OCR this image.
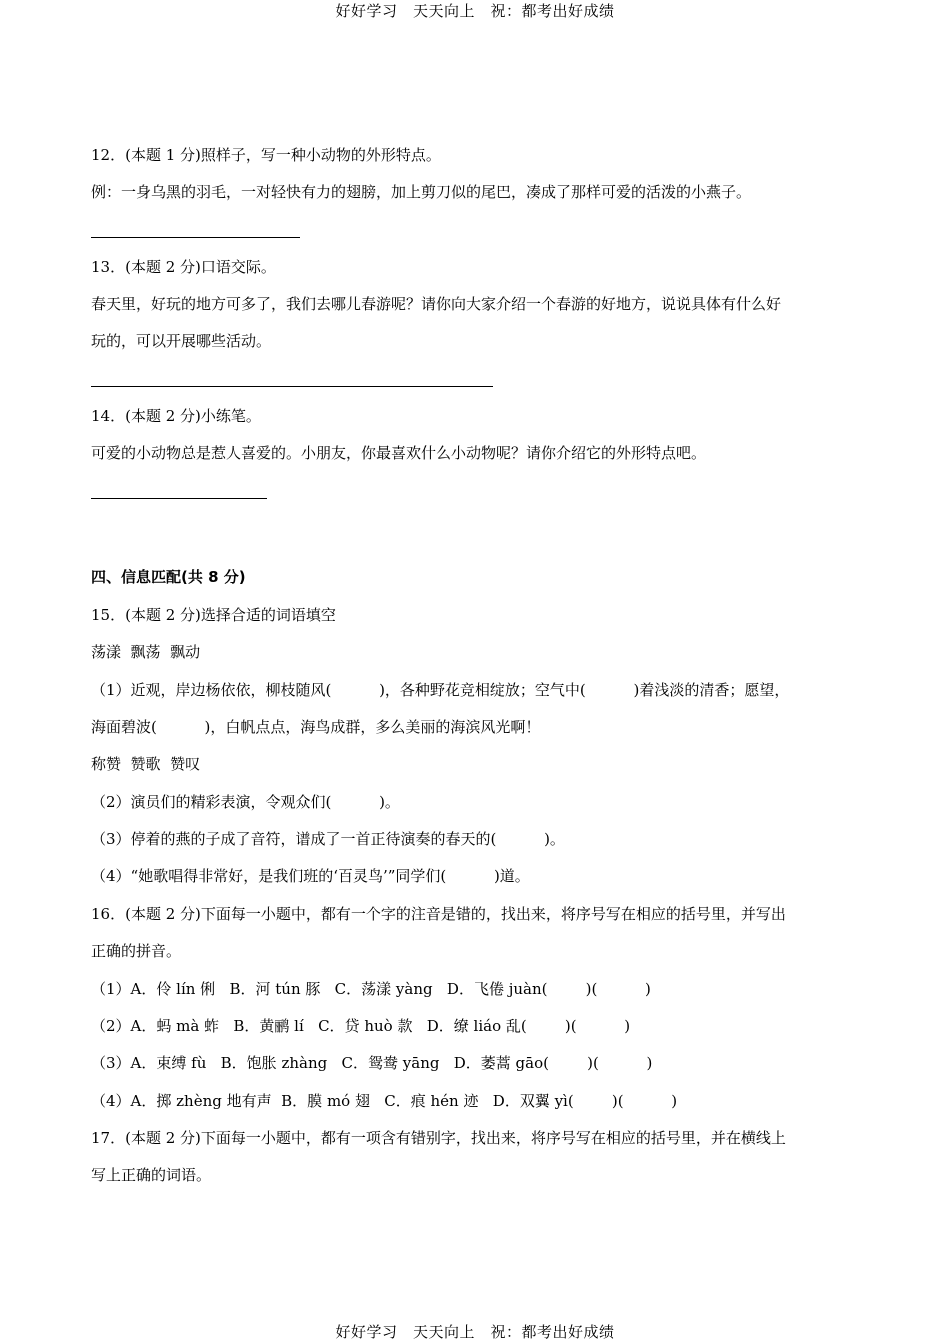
好好学习　天天向上　祝：都考出好成绩
12．(本题 1 分)照样子，写一种小动物的外形特点。
例：一身乌黑的羽毛，一对轻快有力的翅膀，加上剪刀似的尾巴，凑成了那样可爱的活泼的小燕子。
13．(本题 2 分)口语交际。
春天里，好玩的地方可多了，我们去哪儿春游呢？请你向大家介绍一个春游的好地方，说说具体有什么好
玩的，可以开展哪些活动。
14．(本题 2 分)小练笔。
可爱的小动物总是惹人喜爱的。小朋友，你最喜欢什么小动物呢？请你介绍它的外形特点吧。
四、信息匹配(共 8 分)
15．(本题 2 分)选择合适的词语填空
荡漾  飘荡  飘动
（1）近观，岸边杨依依，柳枝随风(          )，各种野花竞相绽放；空气中(          )着浅淡的清香；愿望，
海面碧波(          )，白帆点点，海鸟成群，多么美丽的海滨风光啊！
称赞  赞歌  赞叹
（2）演员们的精彩表演，令观众们(          )。
（3）停着的燕的子成了音符，谱成了一首正待演奏的春天的(          )。
（4）“她歌唱得非常好，是我们班的‘百灵鸟’”同学们(          )道。
16．(本题 2 分)下面每一小题中，都有一个字的注音是错的，找出来，将序号写在相应的括号里，并写出
正确的拼音。
（1）A．伶 lín 俐   B．河 tún 豚   C．荡漾 yàng   D．飞倦 juàn(        )(          )
（2）A．蚂 mà 蚱   B．黄鹂 lí   C．贷 huò 款   D．缭 liáo 乱(        )(          )
（3）A．束缚 fù   B．饱胀 zhàng   C．鸳鸯 yāng   D．萎蒿 gāo(        )(          )
（4）A．掷 zhèng 地有声  B．膜 mó 翅   C．痕 hén 迹   D．双翼 yì(        )(          )
17．(本题 2 分)下面每一小题中，都有一项含有错别字，找出来，将序号写在相应的括号里，并在横线上
写上正确的词语。
好好学习　天天向上　祝：都考出好成绩
